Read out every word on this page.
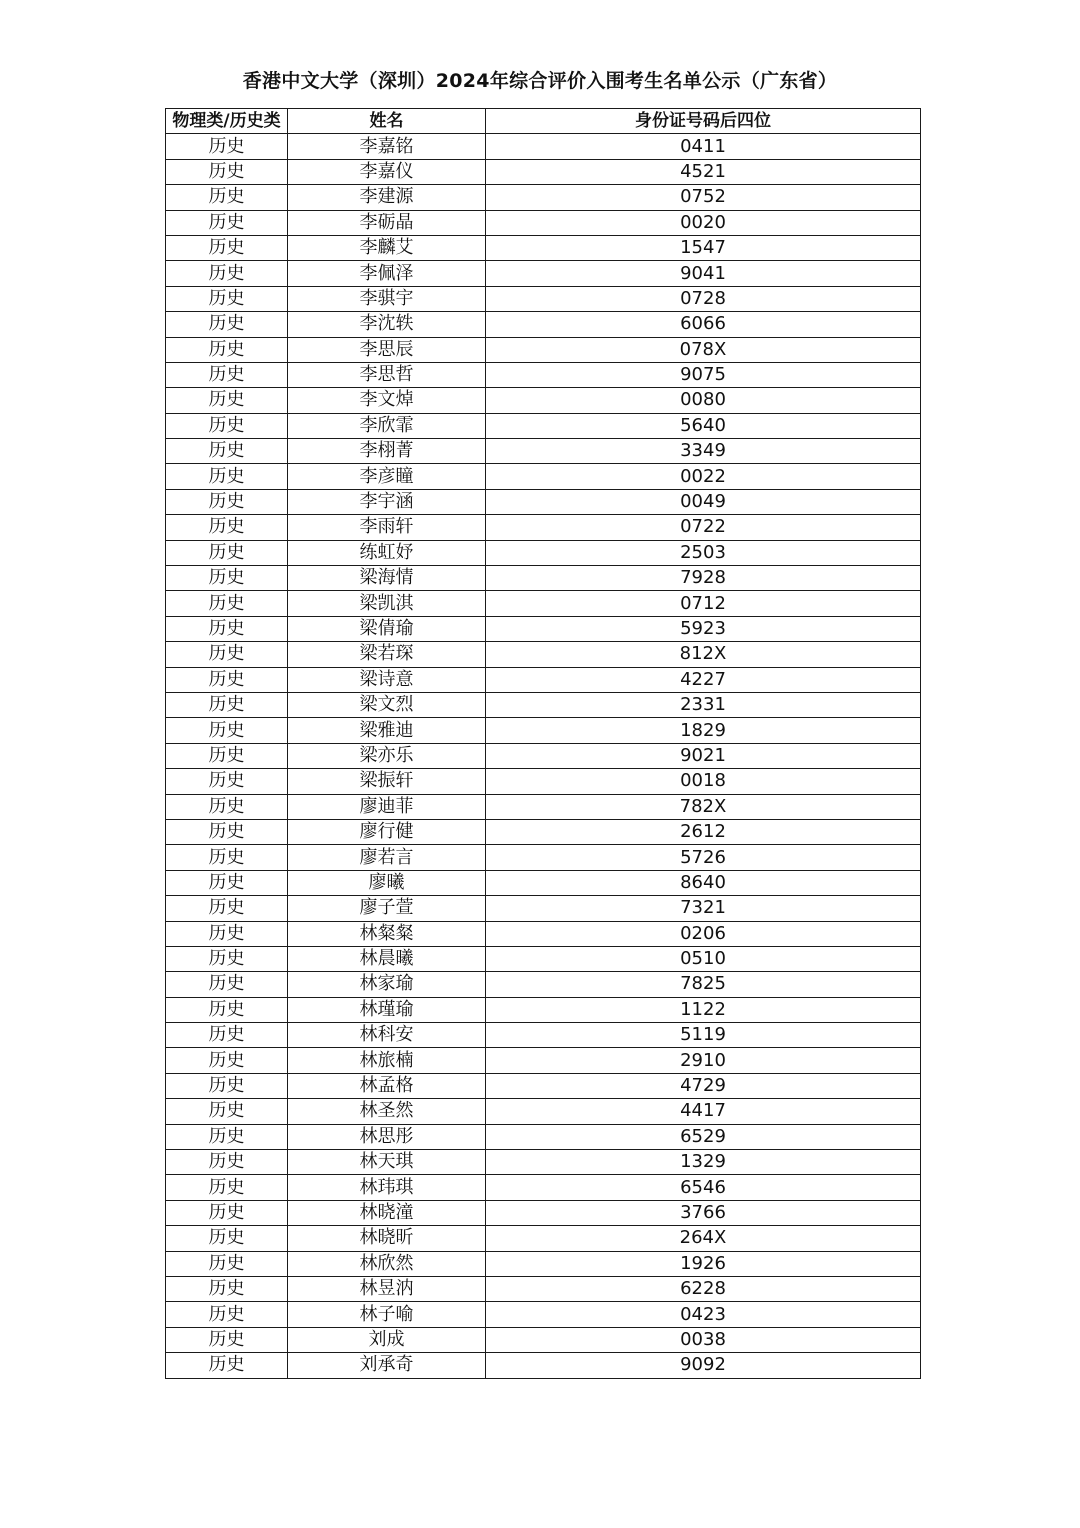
香港中文大学（深圳）2024年综合评价入围考生名单公示（广东省）
物理类/历史类	姓名	身份证号码后四位
历史	李嘉铭	0411
历史	李嘉仪	4521
历史	李建源	0752
历史	李砺晶	0020
历史	李麟艾	1547
历史	李佩泽	9041
历史	李骐宇	0728
历史	李沈轶	6066
历史	李思辰	078X
历史	李思哲	9075
历史	李文焯	0080
历史	李欣霏	5640
历史	李栩菁	3349
历史	李彦瞳	0022
历史	李宇涵	0049
历史	李雨轩	0722
历史	练虹妤	2503
历史	梁海情	7928
历史	梁凯淇	0712
历史	梁倩瑜	5923
历史	梁若琛	812X
历史	梁诗意	4227
历史	梁文烈	2331
历史	梁雅迪	1829
历史	梁亦乐	9021
历史	梁振轩	0018
历史	廖迪菲	782X
历史	廖行健	2612
历史	廖若言	5726
历史	廖曦	8640
历史	廖子萱	7321
历史	林粲粲	0206
历史	林晨曦	0510
历史	林家瑜	7825
历史	林瑾瑜	1122
历史	林科安	5119
历史	林旅楠	2910
历史	林孟格	4729
历史	林圣然	4417
历史	林思彤	6529
历史	林天琪	1329
历史	林玮琪	6546
历史	林晓潼	3766
历史	林晓昕	264X
历史	林欣然	1926
历史	林昱汭	6228
历史	林子喻	0423
历史	刘成	0038
历史	刘承奇	9092
